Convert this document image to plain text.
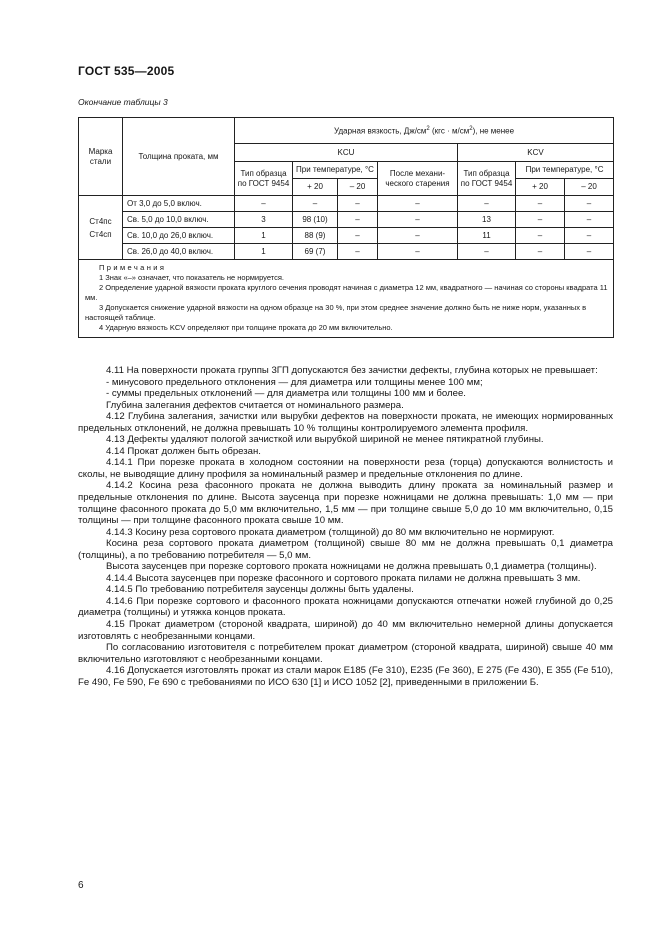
ГОСТ 535—2005
Окончание таблицы 3
Марка стали	Толщина проката, мм	Ударная вязкость, $Дж/см^2$ $(кгс \cdot м/см^2)$, не менее						
		KCU				KCV		
		Тип образца по ГОСТ 9454	При температуре, °С		После механи-ческого старения	Тип образца по ГОСТ 9454	При температуре, °С	
			+ 20	– 20			+ 20	– 20
Ст4пс Ст4сп	От 3,0 до 5,0 включ.	–	–	–	–	–	–	–
	Св. 5,0 до 10,0 включ.	3	98 (10)	–	–	13	–	–
	Св. 10,0 до 26,0 включ.	1	88 (9)	–	–	11	–	–
	Св. 26,0 до 40,0 включ.	1	69 (7)	–	–	–	–	–

Примечания

1 Знак «–» означает, что показатель не нормируется.

2 Определение ударной вязкости проката круглого сечения проводят начиная с диаметра 12 мм, квадратного — начиная со стороны квадрата 11 мм.

3 Допускается снижение ударной вязкости на одном образце на 30 %, при этом среднее значение должно быть не ниже норм, указанных в настоящей таблице.

4 Ударную вязкость KCV определяют при толщине проката до 20 мм включительно.								

4.11 На поверхности проката группы 3ГП допускаются без зачистки дефекты, глубина которых не превышает:

- минусового предельного отклонения — для диаметра или толщины менее 100 мм;

- суммы предельных отклонений — для диаметра или толщины 100 мм и более.

Глубина залегания дефектов считается от номинального размера.

4.12 Глубина залегания, зачистки или вырубки дефектов на поверхности проката, не имеющих нормированных предельных отклонений, не должна превышать 10 % толщины контролируемого элемента профиля.

4.13 Дефекты удаляют пологой зачисткой или вырубкой шириной не менее пятикратной глубины.

4.14 Прокат должен быть обрезан.

4.14.1 При порезке проката в холодном состоянии на поверхности реза (торца) допускаются волнистость и сколы, не выводящие длину профиля за номинальный размер и предельные отклонения по длине.

4.14.2 Косина реза фасонного проката не должна выводить длину проката за номинальный размер и предельные отклонения по длине. Высота заусенца при порезке ножницами не должна превышать: 1,0 мм — при толщине фасонного проката до 5,0 мм включительно, 1,5 мм — при толщине свыше 5,0 до 10 мм включительно, 0,15 толщины — при толщине фасонного проката свыше 10 мм.

4.14.3 Косину реза сортового проката диаметром (толщиной) до 80 мм включительно не нормируют.

Косина реза сортового проката диаметром (толщиной) свыше 80 мм не должна превышать 0,1 диаметра (толщины), а по требованию потребителя — 5,0 мм.

Высота заусенцев при порезке сортового проката ножницами не должна превышать 0,1 диаметра (толщины).

4.14.4 Высота заусенцев при порезке фасонного и сортового проката пилами не должна превышать 3 мм.

4.14.5 По требованию потребителя заусенцы должны быть удалены.

4.14.6 При порезке сортового и фасонного проката ножницами допускаются отпечатки ножей глубиной до 0,25 диаметра (толщины) и утяжка концов проката.

4.15 Прокат диаметром (стороной квадрата, шириной) до 40 мм включительно немерной длины допускается изготовлять с необрезанными концами.

По согласованию изготовителя с потребителем прокат диаметром (стороной квадрата, шириной) свыше 40 мм включительно изготовляют с необрезанными концами.

4.16 Допускается изготовлять прокат из стали марок Е185 (Fe 310), Е235 (Fe 360), Е 275 (Fe 430), Е 355 (Fe 510), Fe 490, Fe 590, Fe 690 с требованиями по ИСО 630 [1] и ИСО 1052 [2], приведенными в приложении Б.

6
